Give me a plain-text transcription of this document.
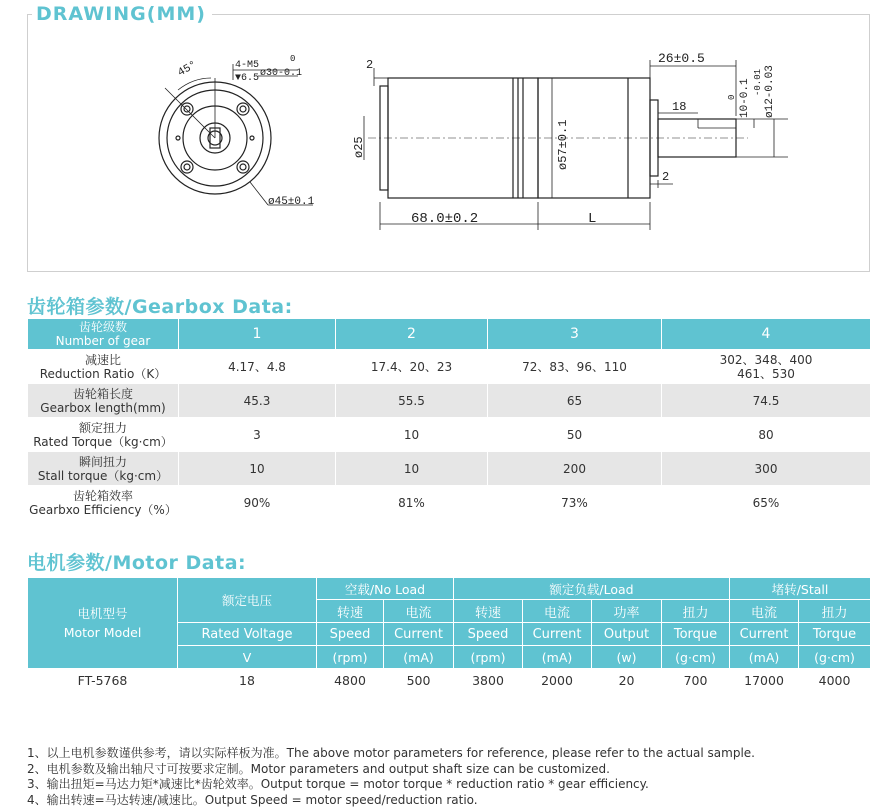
DRAWING(MM)
45°	4-M5
▼6.5
0
ø30-0.1
ø45±0.1
2
ø25	ø57±0.1
68.0±0.2	L
26±0.5
18
0 10-0.1 -0.01 ø12-0.03
2
齿轮箱参数/Gearbox Data:
齿轮级数
Number of gear	1	2	3	4
减速比
Reduction Ratio（K）	4.17、4.8	17.4、20、23	72、83、96、110	302、348、400
461、530
齿轮箱长度
Gearbox length(mm)	45.3	55.5	65	74.5
额定扭力
Rated Torque（kg·cm）	3	10	50	80
瞬间扭力
Stall torque（kg·cm）	10	10	200	300
齿轮箱效率
Gearbxo Efficiency（%）	90%	81%	73%	65%
电机参数/Motor Data:
电机型号
Motor Model	额定电压	空载/No Load		额定负载/Load				堵转/Stall	
		转速	电流	转速	电流	功率	扭力	电流	扭力
	Rated Voltage	Speed	Current	Speed	Current	Output	Torque	Current	Torque
	V	(rpm)	(mA)	(rpm)	(mA)	(w)	(g·cm)	(mA)	(g·cm)
FT-5768	18	4800	500	3800	2000	20	700	17000	4000
1、以上电机参数谨供参考，请以实际样板为准。The above motor parameters for reference, please refer to the actual sample.
2、电机参数及输出轴尺寸可按要求定制。Motor parameters and output shaft size can be customized.
3、输出扭矩=马达力矩*减速比*齿轮效率。Output torque = motor torque * reduction ratio * gear efficiency.
4、输出转速=马达转速/减速比。Output Speed = motor speed/reduction ratio.
